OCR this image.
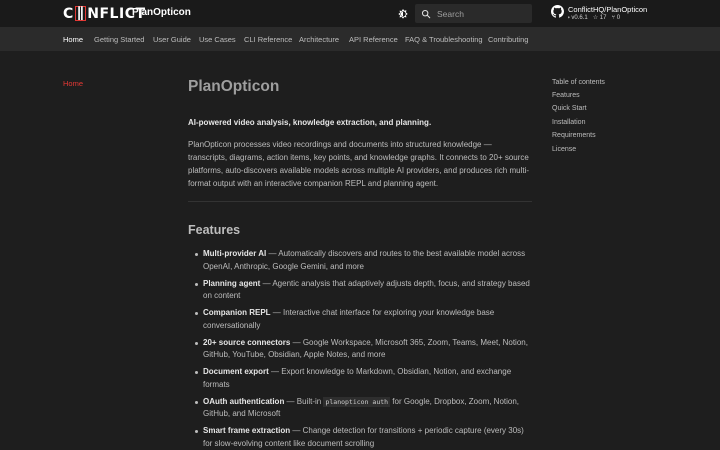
C ∥ NFLICT
PlanOpticon
Search	ConflictHQ/PlanOpticon
⬪ v0.6.1 ☆ 17 ⑂ 0
Home Getting Started User Guide Use Cases CLI Reference Architecture API Reference FAQ & Troubleshooting Contributing
Home	PlanOpticon

AI-powered video analysis, knowledge extraction, and planning.

PlanOpticon processes video recordings and documents into structured knowledge — transcripts, diagrams, action items, key points, and knowledge graphs. It connects to 20+ source platforms, auto-discovers available models across multiple AI providers, and produces rich multi-format output with an interactive companion REPL and planning agent.

Features
Multi-provider AI — Automatically discovers and routes to the best available model across OpenAI, Anthropic, Google Gemini, and more
Planning agent — Agentic analysis that adaptively adjusts depth, focus, and strategy based on content
Companion REPL — Interactive chat interface for exploring your knowledge base conversationally
20+ source connectors — Google Workspace, Microsoft 365, Zoom, Teams, Meet, Notion, GitHub, YouTube, Obsidian, Apple Notes, and more
Document export — Export knowledge to Markdown, Obsidian, Notion, and exchange formats
OAuth authentication — Built-in planopticon auth for Google, Dropbox, Zoom, Notion, GitHub, and Microsoft
Smart frame extraction — Change detection for transitions + periodic capture (every 30s) for slow-evolving content like document scrolling
Table of contents
Features
Quick Start
Installation
Requirements
License
